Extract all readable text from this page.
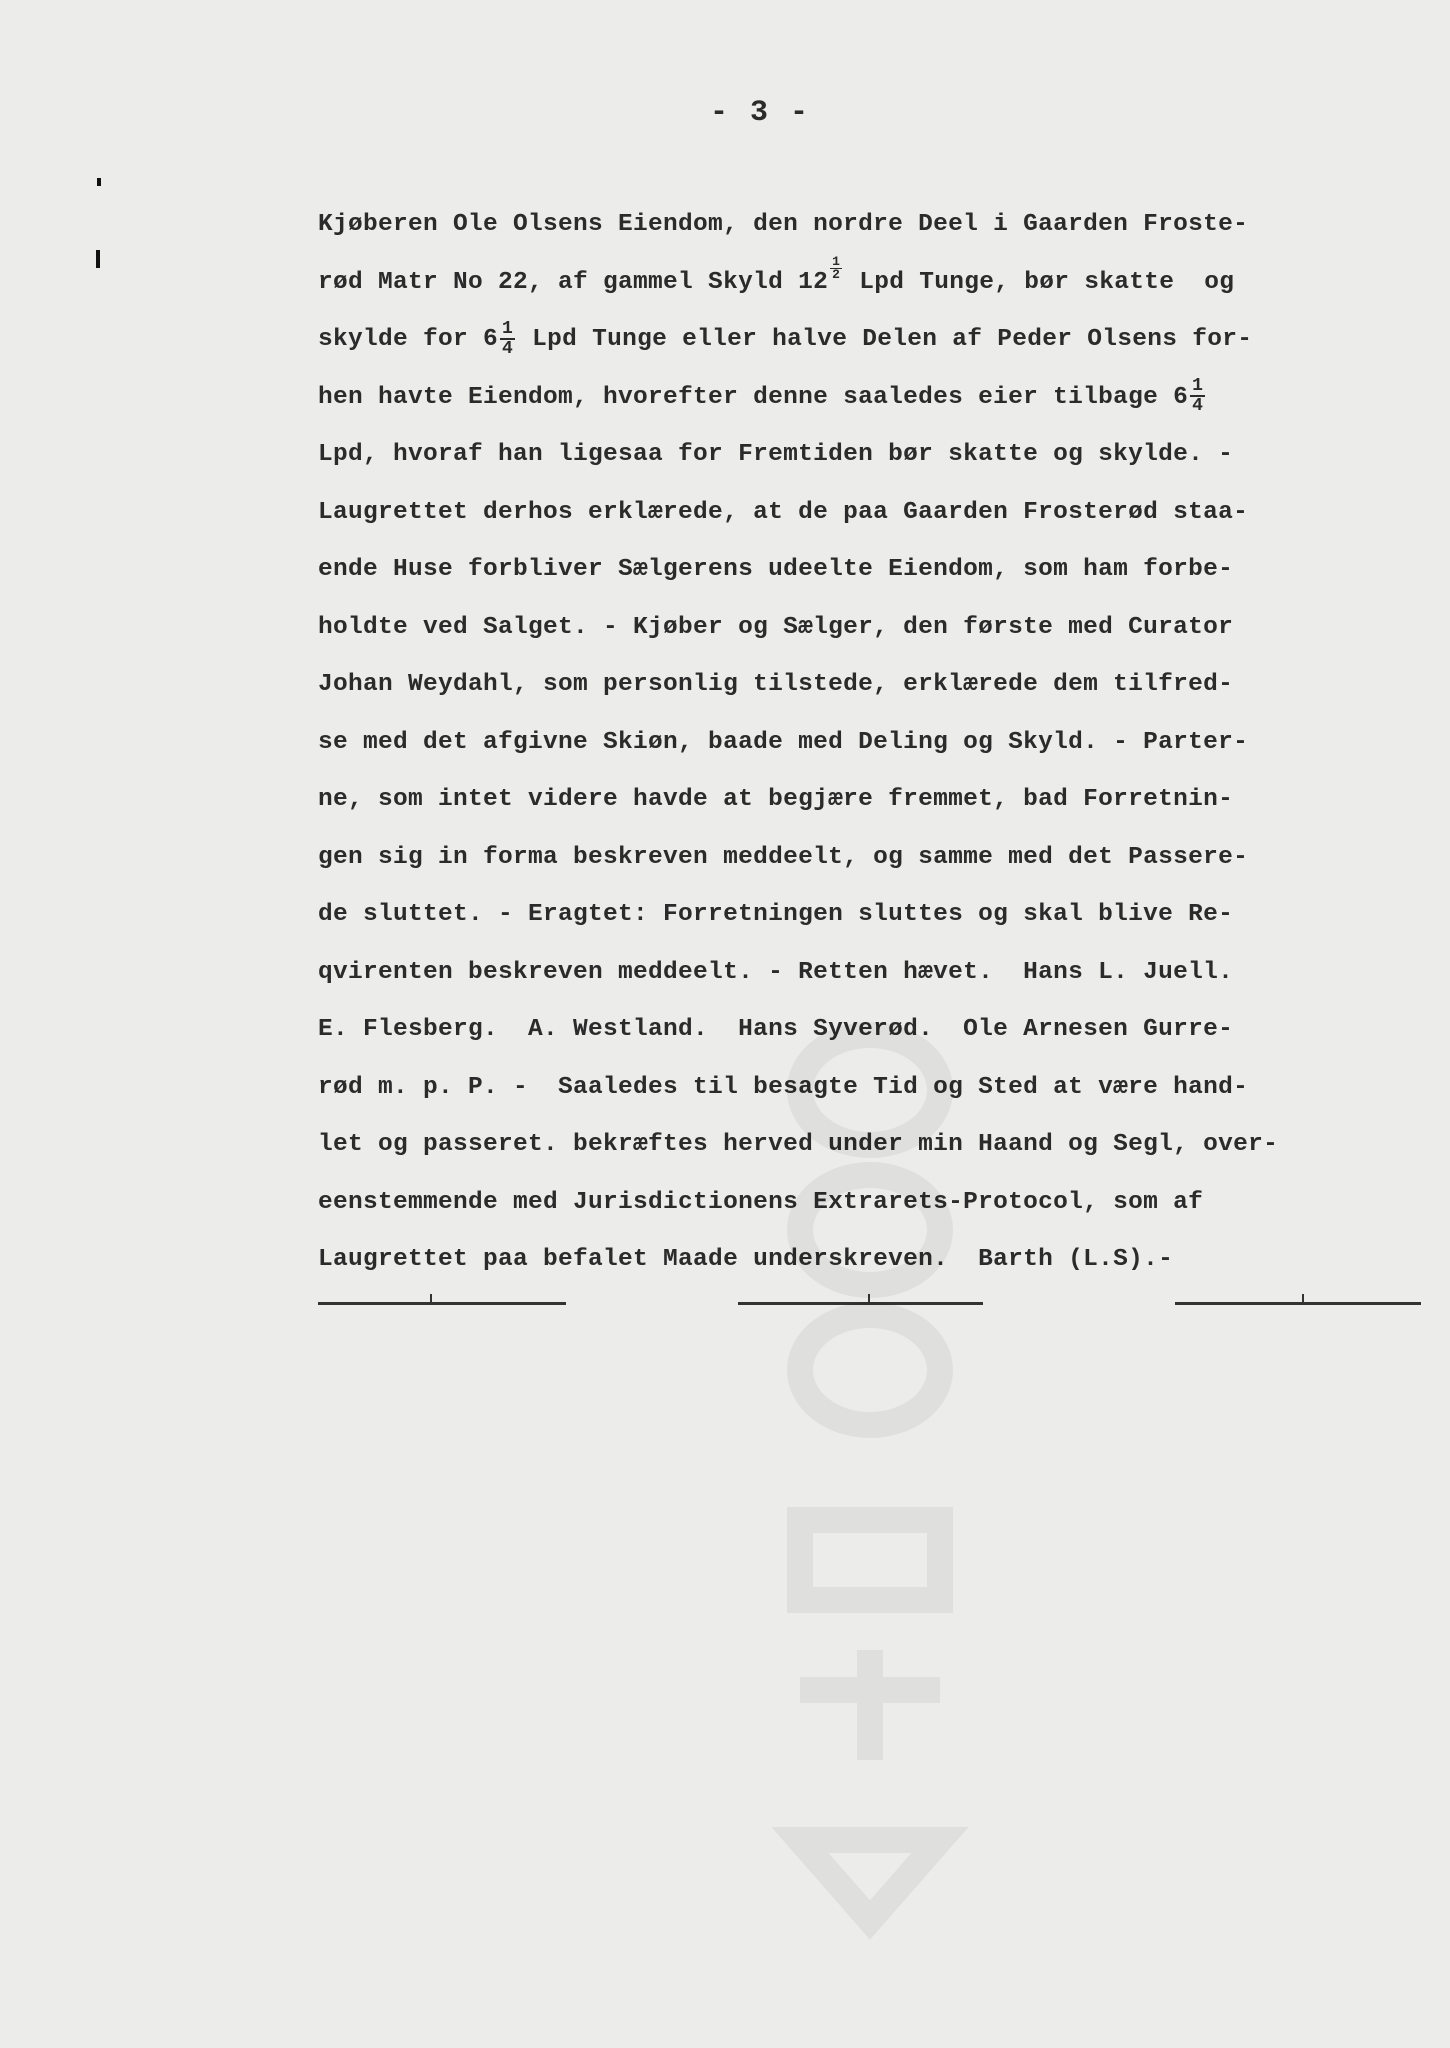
- 3 -
Kjøberen Ole Olsens Eiendom, den nordre Deel i Gaarden Froste-
rød Matr No 22, af gammel Skyld $12 \frac{1}{2}$ Lpd Tunge, bør skatte  og
skylde for $6 \frac{1}{4}$ Lpd Tunge eller halve Delen af Peder Olsens for-
hen havte Eiendom, hvorefter denne saaledes eier tilbage $6 \frac{1}{4}$
Lpd, hvoraf han ligesaa for Fremtiden bør skatte og skylde. -
Laugrettet derhos erklærede, at de paa Gaarden Frosterød staa-
ende Huse forbliver Sælgerens udeelte Eiendom, som ham forbe-
holdte ved Salget. - Kjøber og Sælger, den første med Curator
Johan Weydahl, som personlig tilstede, erklærede dem tilfred-
se med det afgivne Skiøn, baade med Deling og Skyld. - Parter-
ne, som intet videre havde at begjære fremmet, bad Forretnin-
gen sig in forma beskreven meddeelt, og samme med det Passere-
de sluttet. - Eragtet: Forretningen sluttes og skal blive Re-
qvirenten beskreven meddeelt. - Retten hævet.  Hans L. Juell.
E. Flesberg.  A. Westland.  Hans Syverød.  Ole Arnesen Gurre-
rød m. p. P. -  Saaledes til besagte Tid og Sted at være hand-
let og passeret. bekræftes herved under min Haand og Segl, over-
eenstemmende med Jurisdictionens Extrarets-Protocol, som af
Laugrettet paa befalet Maade underskreven.  Barth (L.S).-
